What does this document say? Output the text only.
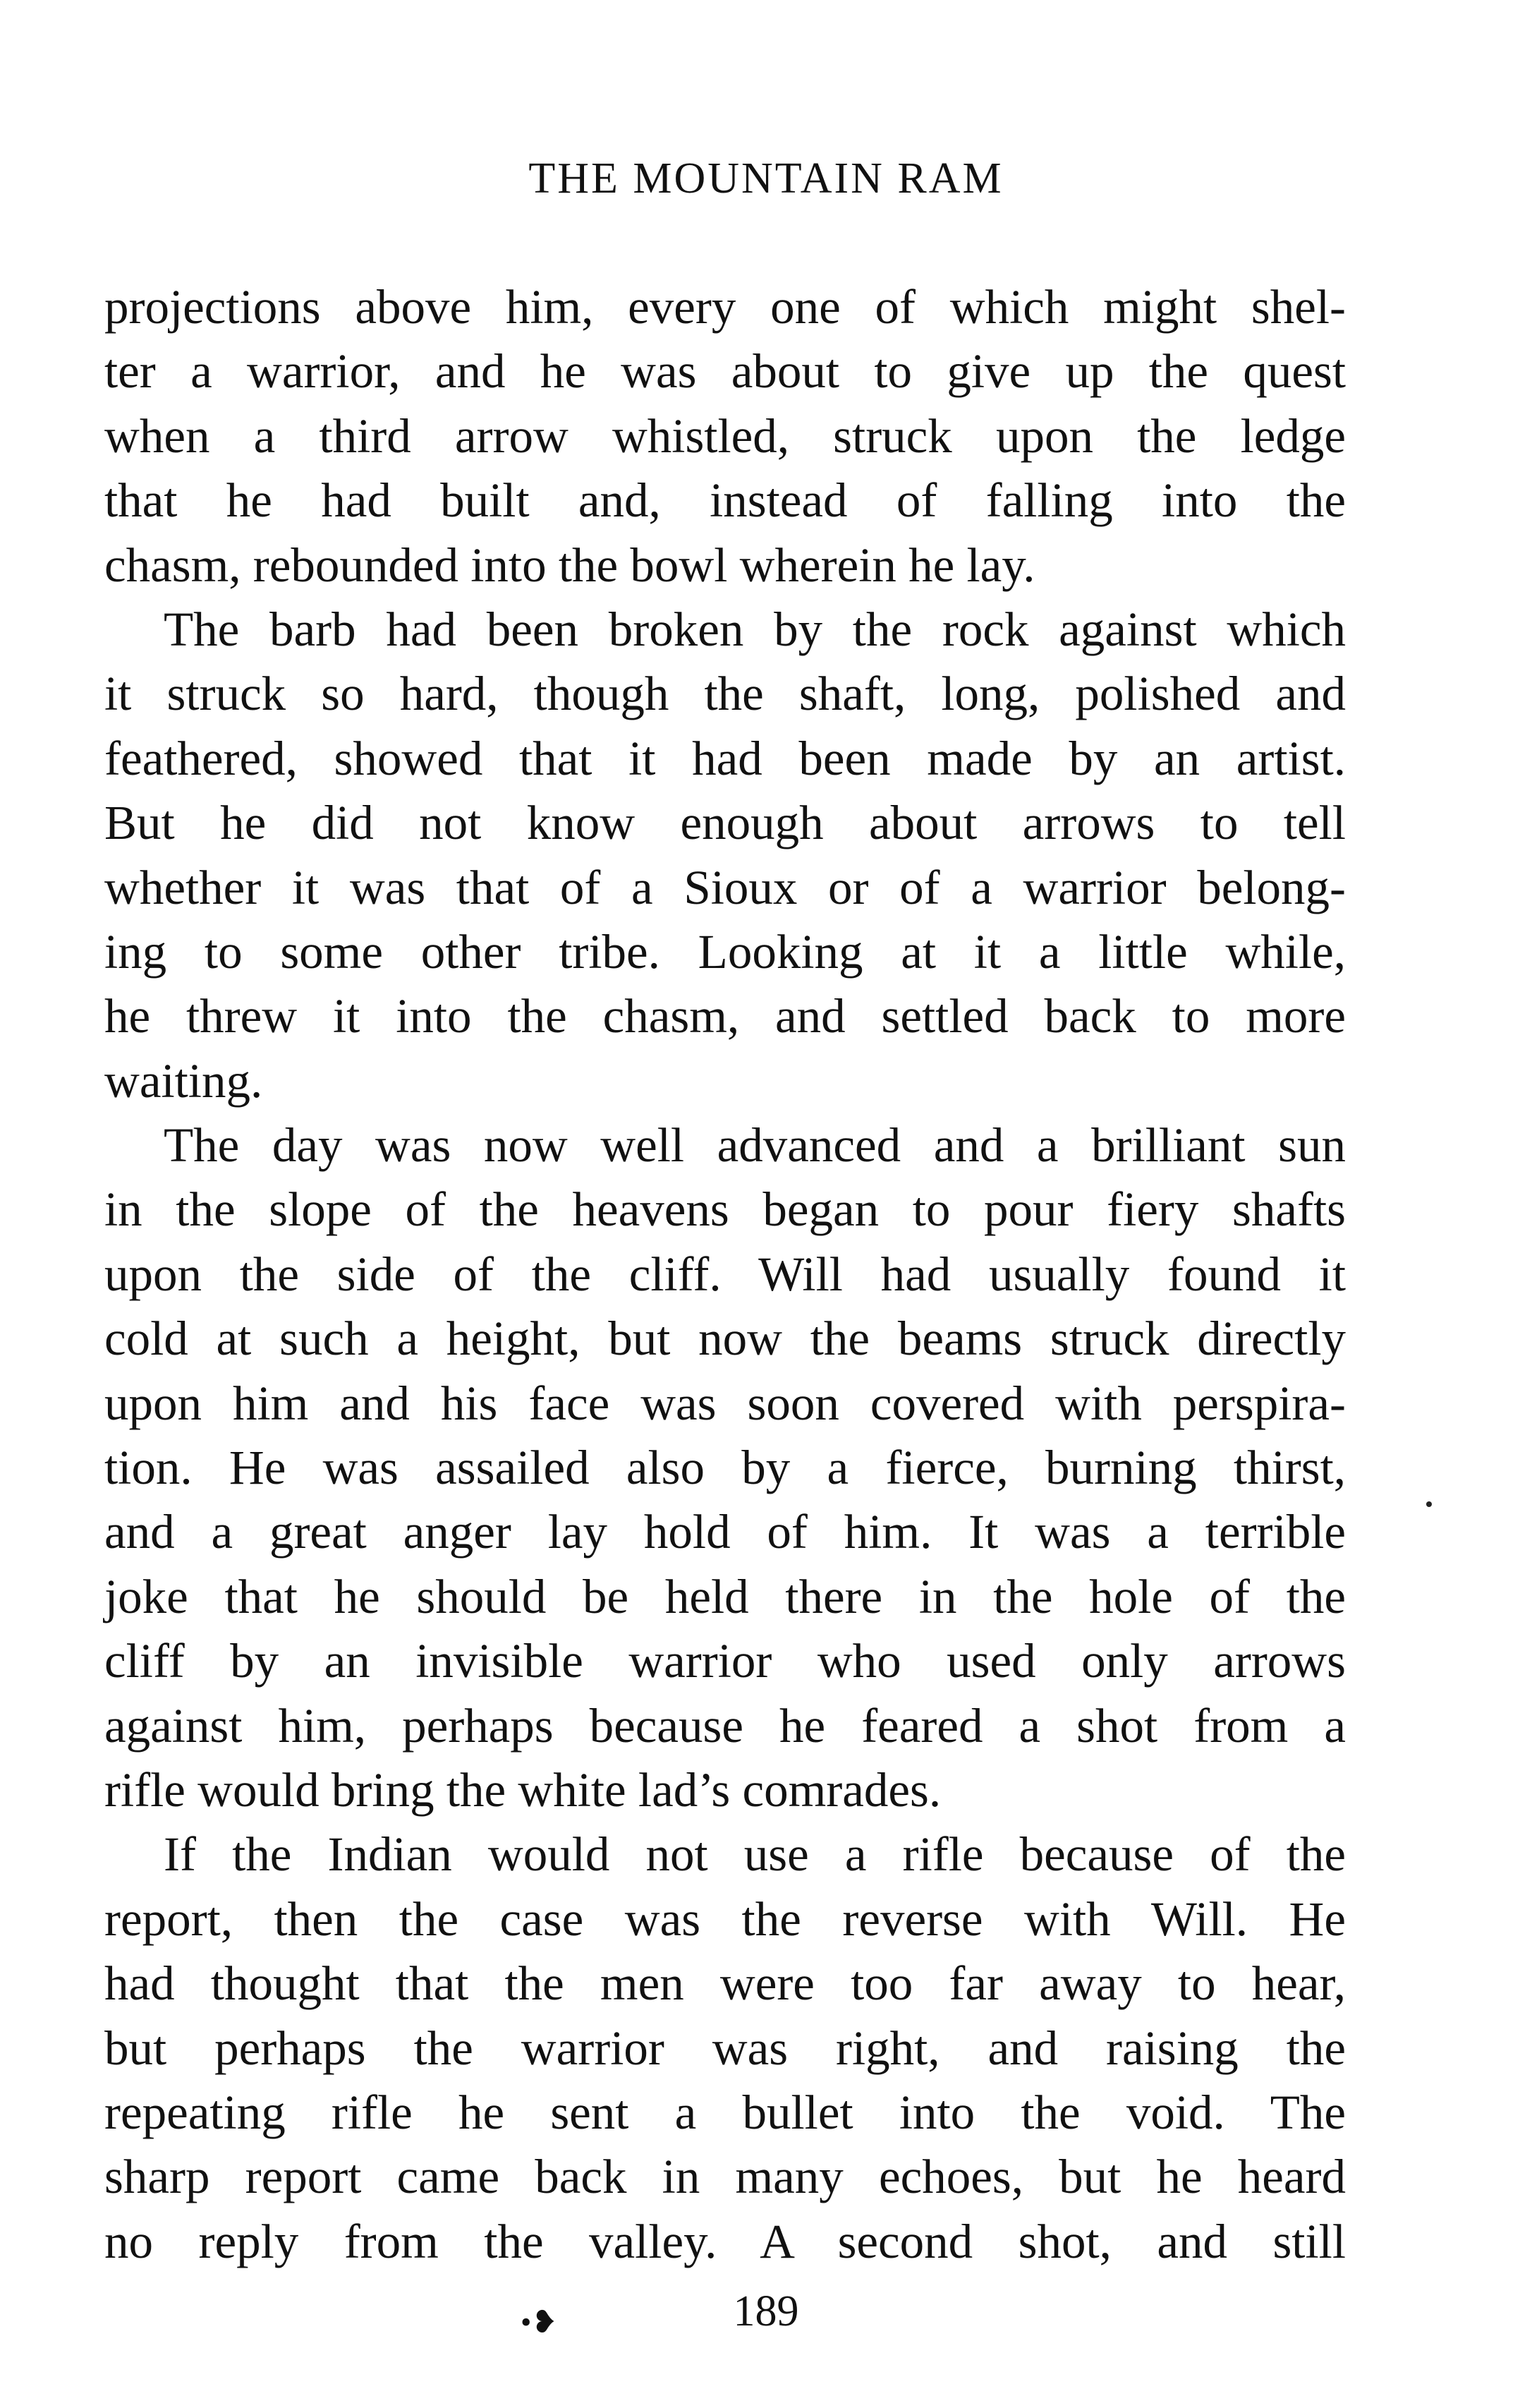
THE MOUNTAIN RAM
projections above him, every one of which might shel-
ter a warrior, and he was about to give up the quest
when a third arrow whistled, struck upon the ledge
that he had built and, instead of falling into the
chasm, rebounded into the bowl wherein he lay.
The barb had been broken by the rock against which
it struck so hard, though the shaft, long, polished and
feathered, showed that it had been made by an artist.
But he did not know enough about arrows to tell
whether it was that of a Sioux or of a warrior belong-
ing to some other tribe. Looking at it a little while,
he threw it into the chasm, and settled back to more
waiting.
The day was now well advanced and a brilliant sun
in the slope of the heavens began to pour fiery shafts
upon the side of the cliff. Will had usually found it
cold at such a height, but now the beams struck directly
upon him and his face was soon covered with perspira-
tion. He was assailed also by a fierce, burning thirst,
and a great anger lay hold of him. It was a terrible
joke that he should be held there in the hole of the
cliff by an invisible warrior who used only arrows
against him, perhaps because he feared a shot from a
rifle would bring the white lad’s comrades.
If the Indian would not use a rifle because of the
report, then the case was the reverse with Will. He
had thought that the men were too far away to hear,
but perhaps the warrior was right, and raising the
repeating rifle he sent a bullet into the void. The
sharp report came back in many echoes, but he heard
no reply from the valley. A second shot, and still
•❥	189
